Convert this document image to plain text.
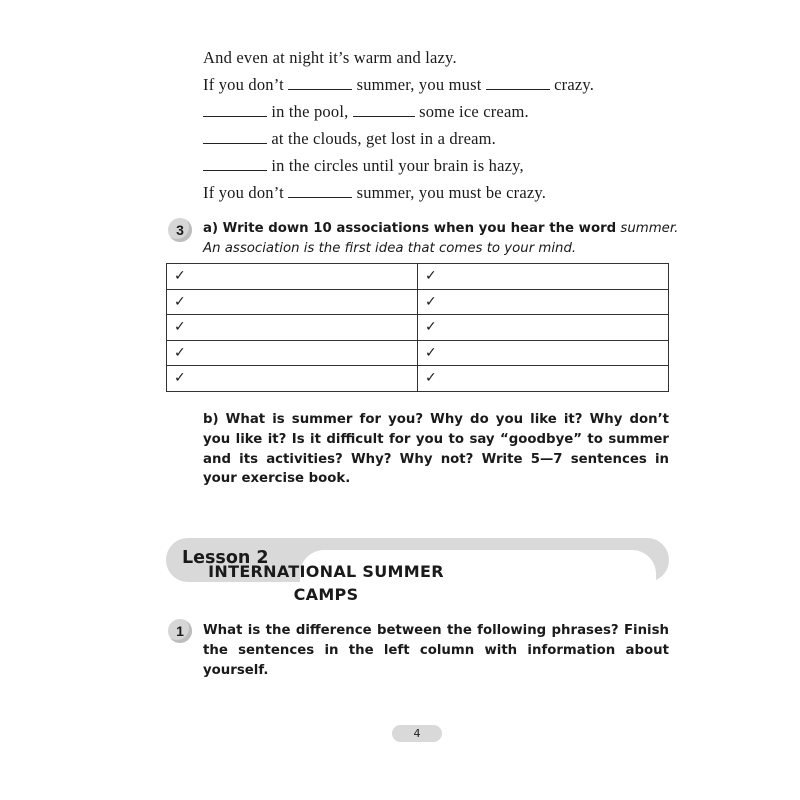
And even at night it’s warm and lazy.
If you don’t	summer, you must	crazy.
in the pool,	some ice cream.
at the clouds, get lost in a dream.
in the circles until your brain is hazy,
If you don’t	summer, you must be crazy.
3	a) Write down 10 associations when you hear the word summer.
An association is the first idea that comes to your mind.
✓	✓
✓	✓
✓	✓
✓	✓
✓	✓
b) What is summer for you? Why do you like it? Why don’t you like it? Is it difficult for you to say “goodbye” to summer and its activities? Why? Why not? Write 5—7 sentences in your exercise book.
Lesson 2
INTERNATIONAL SUMMER
CAMPS
1	What is the difference between the following phrases? Finish the sentences in the left column with information about yourself.
4
